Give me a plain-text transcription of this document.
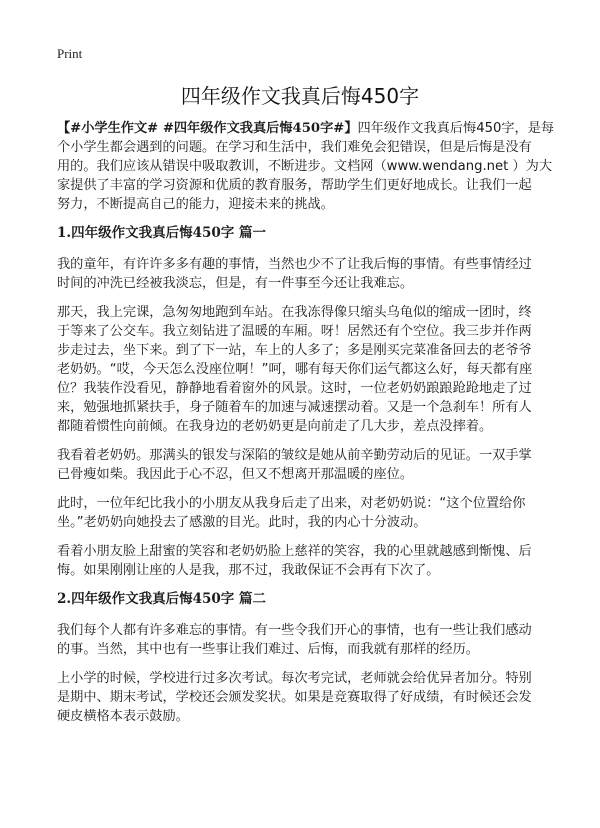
Print
四年级作文我真后悔450字
【#小学生作文# #四年级作文我真后悔450字#】四年级作文我真后悔450字，是每
个小学生都会遇到的问题。在学习和生活中，我们难免会犯错误，但是后悔是没有
用的。我们应该从错误中吸取教训，不断进步。文档网（www.wendang.net ）为大
家提供了丰富的学习资源和优质的教育服务，帮助学生们更好地成长。让我们一起
努力，不断提高自己的能力，迎接未来的挑战。
1.四年级作文我真后悔450字 篇一
我的童年，有许许多多有趣的事情，当然也少不了让我后悔的事情。有些事情经过
时间的冲洗已经被我淡忘，但是，有一件事至今还让我难忘。
那天，我上完课，急匆匆地跑到车站。在我冻得像只缩头乌龟似的缩成一团时，终
于等来了公交车。我立刻钻进了温暖的车厢。呀！居然还有个空位。我三步并作两
步走过去，坐下来。到了下一站，车上的人多了；多是刚买完菜准备回去的老爷爷
老奶奶。“哎，今天怎么没座位啊！”呵，哪有每天你们运气都这么好，每天都有座
位？我装作没看见，静静地看着窗外的风景。这时，一位老奶奶踉踉跄跄地走了过
来，勉强地抓紧扶手，身子随着车的加速与减速摆动着。又是一个急刹车！所有人
都随着惯性向前倾。在我身边的老奶奶更是向前走了几大步，差点没摔着。
我看着老奶奶。那满头的银发与深陷的皱纹是她从前辛勤劳动后的见证。一双手掌
已骨瘦如柴。我因此于心不忍，但又不想离开那温暖的座位。
此时，一位年纪比我小的小朋友从我身后走了出来，对老奶奶说：“这个位置给你
坐。”老奶奶向她投去了感激的目光。此时，我的内心十分波动。
看着小朋友脸上甜蜜的笑容和老奶奶脸上慈祥的笑容，我的心里就越感到惭愧、后
悔。如果刚刚让座的人是我，那不过，我敢保证不会再有下次了。
2.四年级作文我真后悔450字 篇二
我们每个人都有许多难忘的事情。有一些令我们开心的事情，也有一些让我们感动
的事。当然，其中也有一些事让我们难过、后悔，而我就有那样的经历。
上小学的时候，学校进行过多次考试。每次考完试，老师就会给优异者加分。特别
是期中、期末考试，学校还会颁发奖状。如果是竞赛取得了好成绩，有时候还会发
硬皮横格本表示鼓励。
